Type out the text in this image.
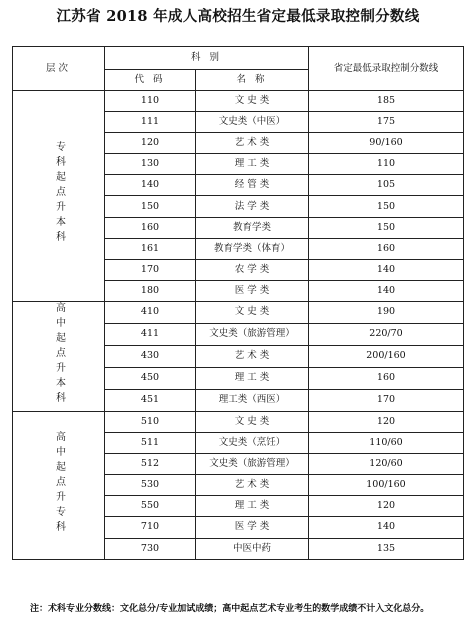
江苏省 2018 年成人高校招生省定最低录取控制分数线
层次	科 别		省定最低录取控制分数线
	代 码	名 称	
专科起点升本科	110	文 史 类	185
	111	文史类（中医）	175
	120	艺 术 类	90/160
	130	理 工 类	110
	140	经 管 类	105
	150	法 学 类	150
	160	教育学类	150
	161	教育学类（体育）	160
	170	农 学 类	140
	180	医 学 类	140
高中起点升本科	410	文 史 类	190
	411	文史类（旅游管理）	220/70
	430	艺 术 类	200/160
	450	理 工 类	160
	451	理工类（西医）	170
高中起点升专科	510	文 史 类	120
	511	文史类（烹饪）	110/60
	512	文史类（旅游管理）	120/60
	530	艺 术 类	100/160
	550	理 工 类	120
	710	医 学 类	140
	730	中医中药	135
注：术科专业分数线：文化总分/专业加试成绩；高中起点艺术专业考生的数学成绩不计入文化总分。
